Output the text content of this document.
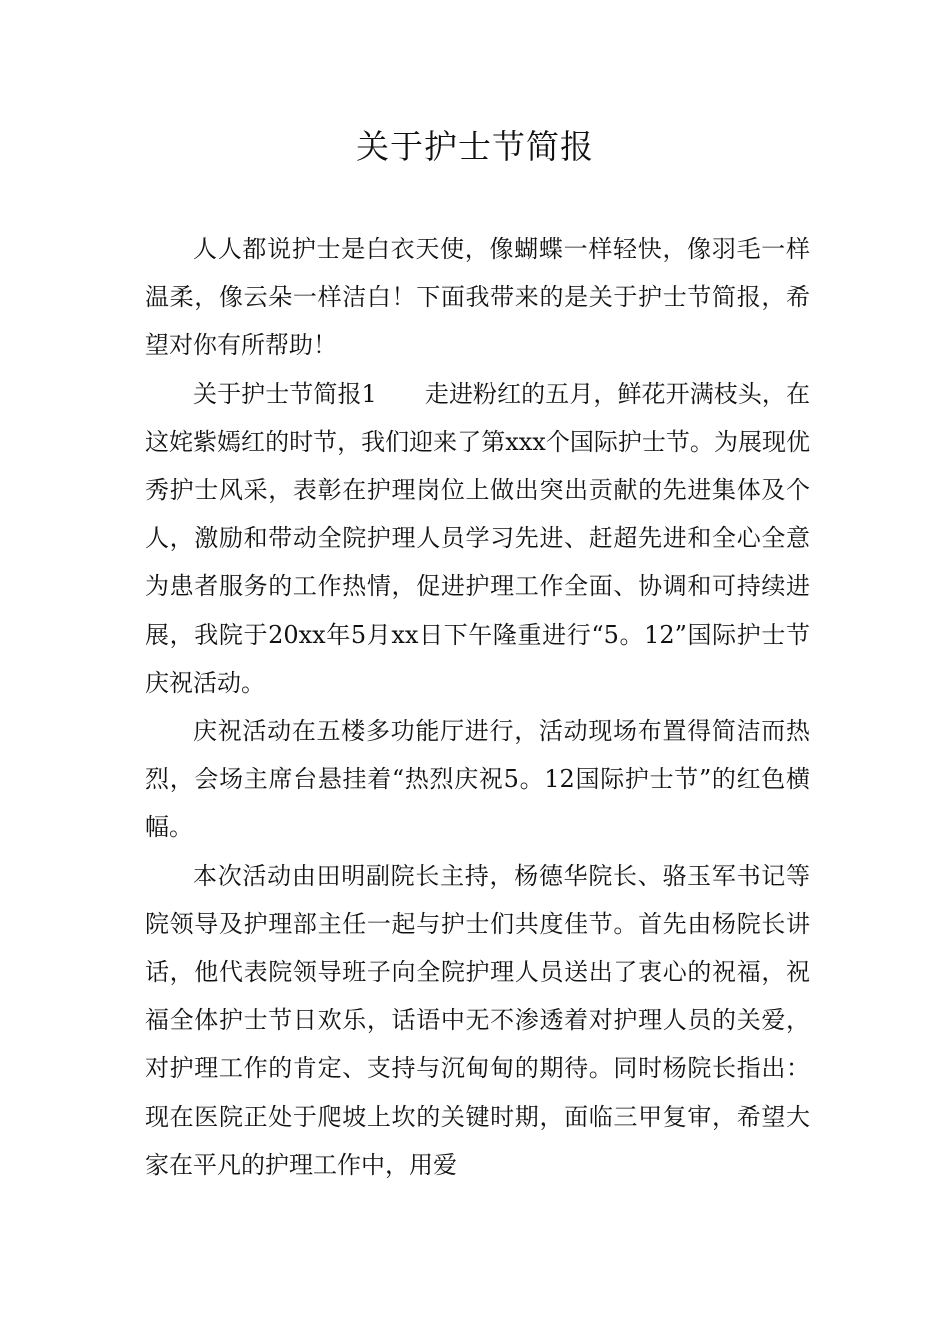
关于护士节简报

人人都说护士是白衣天使，像蝴蝶一样轻快，像羽毛一样温柔，像云朵一样洁白！下面我带来的是关于护士节简报，希望对你有所帮助！

关于护士节简报1 走进粉红的五月，鲜花开满枝头，在这姹紫嫣红的时节，我们迎来了第xxx个国际护士节。为展现优秀护士风采，表彰在护理岗位上做出突出贡献的先进集体及个人，激励和带动全院护理人员学习先进、赶超先进和全心全意为患者服务的工作热情，促进护理工作全面、协调和可持续进展，我院于20xx年5月xx日下午隆重进行“5。12”国际护士节庆祝活动。

庆祝活动在五楼多功能厅进行，活动现场布置得简洁而热烈，会场主席台悬挂着“热烈庆祝5。12国际护士节”的红色横幅。

本次活动由田明副院长主持，杨德华院长、骆玉军书记等院领导及护理部主任一起与护士们共度佳节。首先由杨院长讲话，他代表院领导班子向全院护理人员送出了衷心的祝福，祝福全体护士节日欢乐，话语中无不渗透着对护理人员的关爱，对护理工作的肯定、支持与沉甸甸的期待。同时杨院长指出：现在医院正处于爬坡上坎的关键时期，面临三甲复审，希望大家在平凡的护理工作中，用爱
